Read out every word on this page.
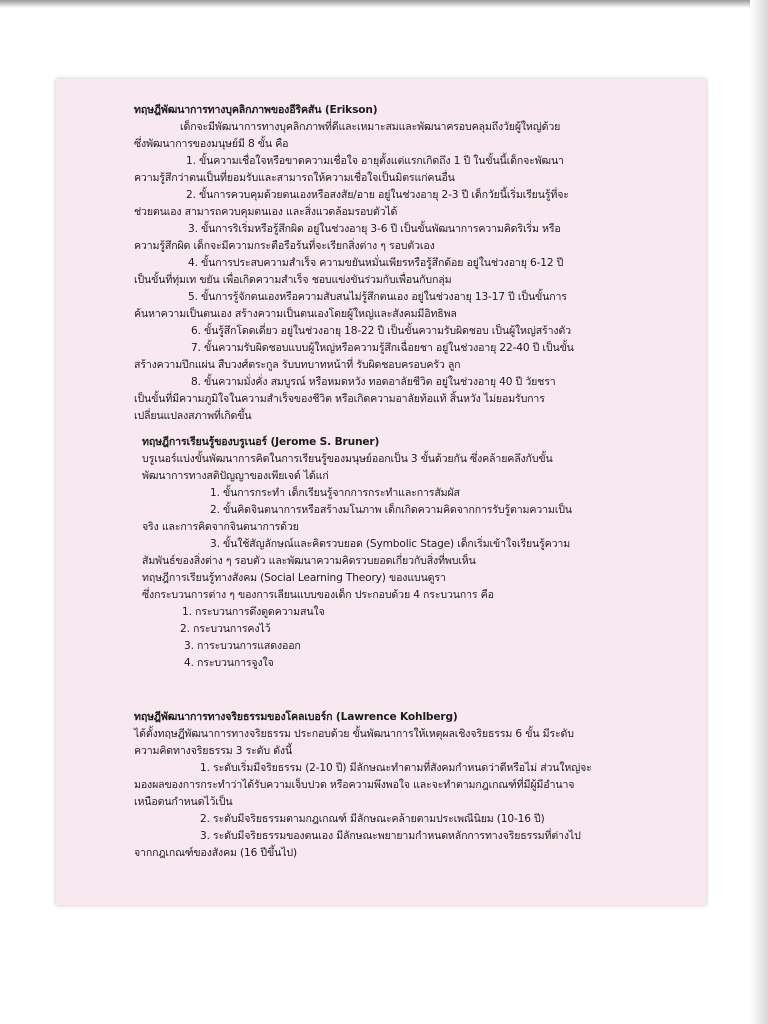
ทฤษฎีพัฒนาการทางบุคลิกภาพของอีริคสัน (Erikson)
เด็กจะมีพัฒนาการทางบุคลิกภาพที่ดีและเหมาะสมและพัฒนาครอบคลุมถึงวัยผู้ใหญ่ด้วย
ซึ่งพัฒนาการของมนุษย์มี 8 ขั้น คือ
1. ขั้นความเชื่อใจหรือขาดความเชื่อใจ อายุตั้งแต่แรกเกิดถึง 1 ปี ในขั้นนี้เด็กจะพัฒนา
ความรู้สึกว่าตนเป็นที่ยอมรับและสามารถให้ความเชื่อใจเป็นมิตรแก่คนอื่น
2. ขั้นการควบคุมด้วยตนเองหรือสงสัย/อาย อยู่ในช่วงอายุ 2-3 ปี เด็กวัยนี้เริ่มเรียนรู้ที่จะ
ช่วยตนเอง สามารถควบคุมตนเอง และสิ่งแวดล้อมรอบตัวได้
3. ขั้นการริเริ่มหรือรู้สึกผิด อยู่ในช่วงอายุ 3-6 ปี เป็นขั้นพัฒนาการความคิดริเริ่ม หรือ
ความรู้สึกผิด เด็กจะมีความกระตือรือร้นที่จะเรียกสิ่งต่าง ๆ รอบตัวเอง
4. ขั้นการประสบความสำเร็จ ความขยันหมั่นเพียรหรือรู้สึกด้อย อยู่ในช่วงอายุ 6-12 ปี
เป็นขั้นที่ทุ่มเท ขยัน เพื่อเกิดความสำเร็จ ชอบแข่งขันร่วมกับเพื่อนกับกลุ่ม
5. ขั้นการรู้จักตนเองหรือความสับสนไม่รู้สึกตนเอง อยู่ในช่วงอายุ 13-17 ปี เป็นขั้นการ
ค้นหาความเป็นตนเอง สร้างความเป็นตนเองโดยผู้ใหญ่และสังคมมีอิทธิพล
6. ขั้นรู้สึกโดดเดี่ยว อยู่ในช่วงอายุ 18-22 ปี เป็นขั้นความรับผิดชอบ เป็นผู้ใหญ่สร้างตัว
7. ขั้นความรับผิดชอบแบบผู้ใหญ่หรือความรู้สึกเฉื่อยชา อยู่ในช่วงอายุ 22-40 ปี เป็นขั้น
สร้างความปึกแผ่น สืบวงศ์ตระกูล รับบทบาทหน้าที่ รับผิดชอบครอบครัว ลูก
8. ขั้นความมั่งคั่ง สมบูรณ์ หรือหมดหวัง ทอดอาลัยชีวิต อยู่ในช่วงอายุ 40 ปี วัยชรา
เป็นขั้นที่มีความภูมิใจในความสำเร็จของชีวิต หรือเกิดความอาลัยท้อแท้ สิ้นหวัง ไม่ยอมรับการ
เปลี่ยนแปลงสภาพที่เกิดขึ้น
ทฤษฎีการเรียนรู้ของบรูเนอร์ (Jerome S. Bruner)
บรูเนอร์แบ่งขั้นพัฒนาการคิดในการเรียนรู้ของมนุษย์ออกเป็น 3 ขั้นด้วยกัน ซึ่งคล้ายคลึงกับขั้น
พัฒนาการทางสติปัญญาของเพียเจต์ ได้แก่
1. ขั้นการกระทำ เด็กเรียนรู้จากการกระทำและการสัมผัส
2. ขั้นคิดจินตนาการหรือสร้างมโนภาพ เด็กเกิดความคิดจากการรับรู้ตามความเป็น
จริง และการคิดจากจินตนาการด้วย
3. ขั้นใช้สัญลักษณ์และคิดรวบยอด (Symbolic Stage) เด็กเริ่มเข้าใจเรียนรู้ความ
สัมพันธ์ของสิ่งต่าง ๆ รอบตัว และพัฒนาความคิดรวบยอดเกี่ยวกับสิ่งที่พบเห็น
ทฤษฎีการเรียนรู้ทางสังคม (Social Learning Theory) ของแบนดูรา
ซึ่งกระบวนการต่าง ๆ ของการเลียนแบบของเด็ก ประกอบด้วย 4 กระบวนการ คือ
1. กระบวนการดึงดูดความสนใจ
2. กระบวนการคงไว้
3. การะบวนการแสดงออก
4. กระบวนการจูงใจ
ทฤษฎีพัฒนาการทางจริยธรรมของโคลเบอร์ก (Lawrence Kohlberg)
ได้ตั้งทฤษฎีพัฒนาการทางจริยธรรม ประกอบด้วย ขั้นพัฒนาการให้เหตุผลเชิงจริยธรรม 6 ขั้น มีระดับ
ความคิดทางจริยธรรม 3 ระดับ ดังนี้
1. ระดับเริ่มมีจริยธรรม (2-10 ปี) มีลักษณะทำตามที่สังคมกำหนดว่าดีหรือไม่ ส่วนใหญ่จะ
มองผลของการกระทำว่าได้รับความเจ็บปวด หรือความพึงพอใจ และจะทำตามกฎเกณฑ์ที่มีผู้มีอำนาจ
เหนือตนกำหนดไว้เป็น
2. ระดับมีจริยธรรมตามกฎเกณฑ์ มีลักษณะคล้ายตามประเพณีนิยม (10-16 ปี)
3. ระดับมีจริยธรรมของตนเอง มีลักษณะพยายามกำหนดหลักการทางจริยธรรมที่ต่างไป
จากกฎเกณฑ์ของสังคม (16 ปีขึ้นไป)
